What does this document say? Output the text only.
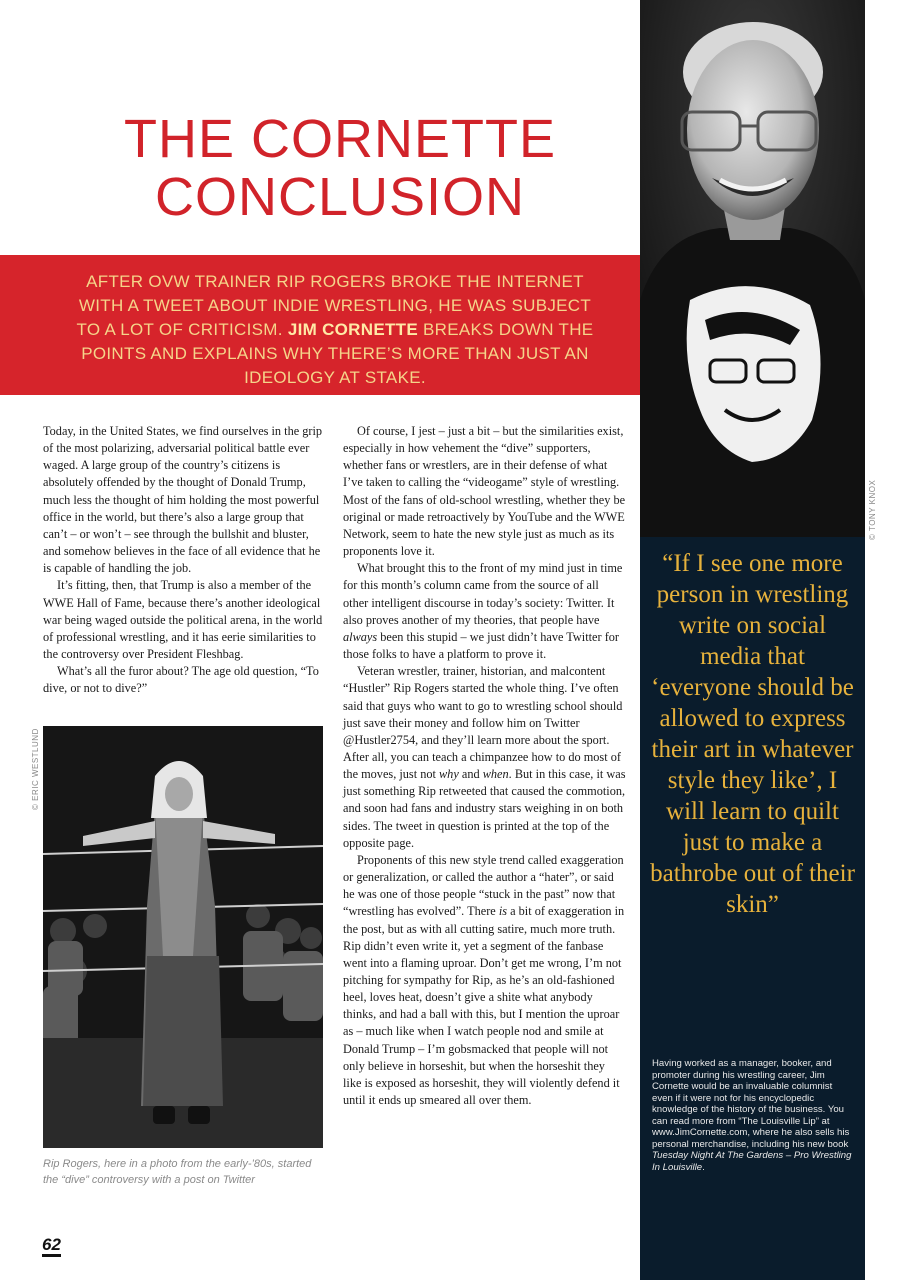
THE CORNETTE
CONCLUSION

AFTER OVW TRAINER RIP ROGERS BROKE THE INTERNET WITH A TWEET ABOUT INDIE WRESTLING, HE WAS SUBJECT TO A LOT OF CRITICISM. JIM CORNETTE BREAKS DOWN THE POINTS AND EXPLAINS WHY THERE’S MORE THAN JUST AN IDEOLOGY AT STAKE.

© TONY KNOX

“If I see one more person in wrestling write on social media that ‘everyone should be allowed to express their art in whatever style they like’, I will learn to quilt just to make a bathrobe out of their skin”

Having worked as a manager, booker, and promoter during his wrestling career, Jim Cornette would be an invaluable columnist even if it were not for his encyclopedic knowledge of the history of the business. You can read more from “The Louisville Lip” at www.JimCornette.com, where he also sells his personal merchandise, including his new book Tuesday Night At The Gardens – Pro Wrestling In Louisville.

Today, in the United States, we find ourselves in the grip of the most polarizing, adversarial political battle ever waged. A large group of the country’s citizens is absolutely offended by the thought of Donald Trump, much less the thought of him holding the most powerful office in the world, but there’s also a large group that can’t – or won’t – see through the bullshit and bluster, and somehow believes in the face of all evidence that he is capable of handling the job.

It’s fitting, then, that Trump is also a member of the WWE Hall of Fame, because there’s another ideological war being waged outside the political arena, in the world of professional wrestling, and it has eerie similarities to the controversy over President Fleshbag.

What’s all the furor about? The age old question, “To dive, or not to dive?”

© ERIC WESTLUND

Rip Rogers, here in a photo from the early-’80s, started the “dive” controversy with a post on Twitter

Of course, I jest – just a bit – but the similarities exist, especially in how vehement the “dive” supporters, whether fans or wrestlers, are in their defense of what I’ve taken to calling the “videogame” style of wrestling. Most of the fans of old-school wrestling, whether they be original or made retroactively by YouTube and the WWE Network, seem to hate the new style just as much as its proponents love it.

What brought this to the front of my mind just in time for this month’s column came from the source of all other intelligent discourse in today’s society: Twitter. It also proves another of my theories, that people have always been this stupid – we just didn’t have Twitter for those folks to have a platform to prove it.

Veteran wrestler, trainer, historian, and malcontent “Hustler” Rip Rogers started the whole thing. I’ve often said that guys who want to go to wrestling school should just save their money and follow him on Twitter @Hustler2754, and they’ll learn more about the sport. After all, you can teach a chimpanzee how to do most of the moves, just not why and when. But in this case, it was just something Rip retweeted that caused the commotion, and soon had fans and industry stars weighing in on both sides. The tweet in question is printed at the top of the opposite page.

Proponents of this new style trend called exaggeration or generalization, or called the author a “hater”, or said he was one of those people “stuck in the past” now that “wrestling has evolved”. There is a bit of exaggeration in the post, but as with all cutting satire, much more truth. Rip didn’t even write it, yet a segment of the fanbase went into a flaming uproar. Don’t get me wrong, I’m not pitching for sympathy for Rip, as he’s an old-fashioned heel, loves heat, doesn’t give a shite what anybody thinks, and had a ball with this, but I mention the uproar as – much like when I watch people nod and smile at Donald Trump – I’m gobsmacked that people will not only believe in horseshit, but when the horseshit they like is exposed as horseshit, they will violently defend it until it ends up smeared all over them.

62
